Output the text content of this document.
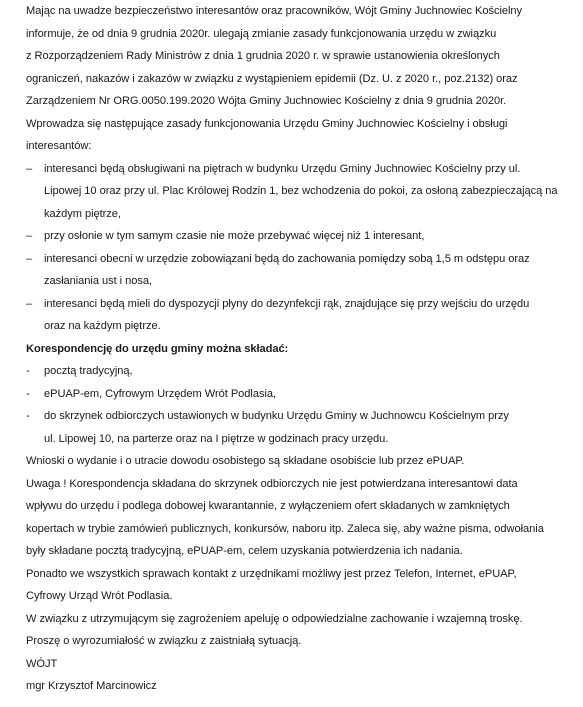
Mając na uwadze bezpieczeństwo interesantów oraz pracowników, Wójt Gminy Juchnowiec Kościelny
informuje, że od dnia 9 grudnia 2020r. ulegają zmianie zasady funkcjonowania urzędu w związku
z Rozporządzeniem Rady Ministrów z dnia 1 grudnia 2020 r. w sprawie ustanowienia określonych
ograniczeń, nakazów i zakazów w związku z wystąpieniem epidemii (Dz. U. z 2020 r., poz.2132) oraz
Zarządzeniem Nr ORG.0050.199.2020 Wójta Gminy Juchnowiec Kościelny z dnia 9 grudnia 2020r.
Wprowadza się następujące zasady funkcjonowania Urzędu Gminy Juchnowiec Kościelny i obsługi
interesantów:
– interesanci będą obsługiwani na piętrach w budynku Urzędu Gminy Juchnowiec Kościelny przy ul.
Lipowej 10 oraz przy ul. Plac Królowej Rodzin 1, bez wchodzenia do pokoi, za osłoną zabezpieczającą na
każdym piętrze,
– przy osłonie w tym samym czasie nie może przebywać więcej niż 1 interesant,
– interesanci obecni w urzędzie zobowiązani będą do zachowania pomiędzy sobą 1,5 m odstępu oraz
zasłaniania ust i nosa,
– interesanci będą mieli do dyspozycji płyny do dezynfekcji rąk, znajdujące się przy wejściu do urzędu
oraz na każdym piętrze.
Korespondencję do urzędu gminy można składać:
- pocztą tradycyjną,
- ePUAP-em, Cyfrowym Urzędem Wrót Podlasia,
- do skrzynek odbiorczych ustawionych w budynku Urzędu Gminy w Juchnowcu Kościelnym przy
ul. Lipowej 10, na parterze oraz na I piętrze w godzinach pracy urzędu.
Wnioski o wydanie i o utracie dowodu osobistego są składane osobiście lub przez ePUAP.
Uwaga ! Korespondencja składana do skrzynek odbiorczych nie jest potwierdzana interesantowi data
wpływu do urzędu i podlega dobowej kwarantannie, z wyłączeniem ofert składanych w zamkniętych
kopertach w trybie zamówień publicznych, konkursów, naboru itp. Zaleca się, aby ważne pisma, odwołania
były składane pocztą tradycyjną, ePUAP-em, celem uzyskania potwierdzenia ich nadania.
Ponadto we wszystkich sprawach kontakt z urzędnikami możliwy jest przez Telefon, Internet, ePUAP,
Cyfrowy Urząd Wrót Podlasia.
W związku z utrzymującym się zagrożeniem apeluję o odpowiedzialne zachowanie i wzajemną troskę.
Proszę o wyrozumiałość w związku z zaistniałą sytuacją.
WÓJT
mgr Krzysztof Marcinowicz
